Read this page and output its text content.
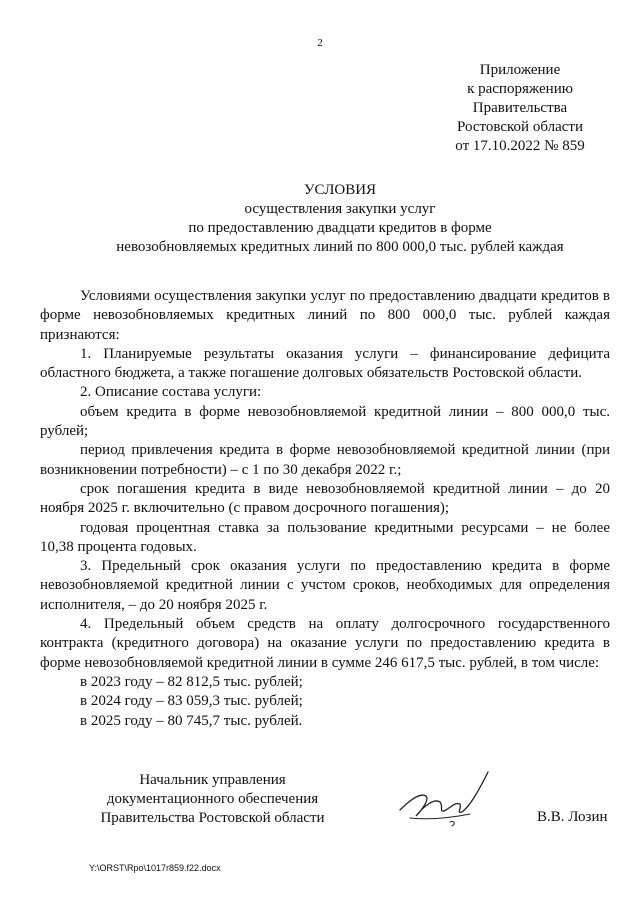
2
Приложение
к распоряжению
Правительства
Ростовской области
от 17.10.2022 № 859
УСЛОВИЯ
осуществления закупки услуг
по предоставлению двадцати кредитов в форме
невозобновляемых кредитных линий по 800 000,0 тыс. рублей каждая

Условиями осуществления закупки услуг по предоставлению двадцати кредитов в форме невозобновляемых кредитных линий по 800 000,0 тыс. рублей каждая признаются:

1. Планируемые результаты оказания услуги – финансирование дефицита областного бюджета, а также погашение долговых обязательств Ростовской области.

2. Описание состава услуги:

объем кредита в форме невозобновляемой кредитной линии – 800 000,0 тыс. рублей;

период привлечения кредита в форме невозобновляемой кредитной линии (при возникновении потребности) – с 1 по 30 декабря 2022 г.;

срок погашения кредита в виде невозобновляемой кредитной линии – до 20 ноября 2025 г. включительно (с правом досрочного погашения);

годовая процентная ставка за пользование кредитными ресурсами – не более 10,38 процента годовых.

3. Предельный срок оказания услуги по предоставлению кредита в форме невозобновляемой кредитной линии с учстом сроков, необходимых для определения исполнителя, – до 20 ноября 2025 г.

4. Предельный объем средств на оплату долгосрочного государственного контракта (кредитного договора) на оказание услуги по предоставлению кредита в форме невозобновляемой кредитной линии в сумме 246 617,5 тыс. рублей, в том числе:

в 2023 году – 82 812,5 тыс. рублей;

в 2024 году – 83 059,3 тыс. рублей;

в 2025 году – 80 745,7 тыс. рублей.

Начальник управления
документационного обеспечения
Правительства Ростовской области	В.В. Лозин
Y:\ORST\Rpo\1017r859.f22.docx
